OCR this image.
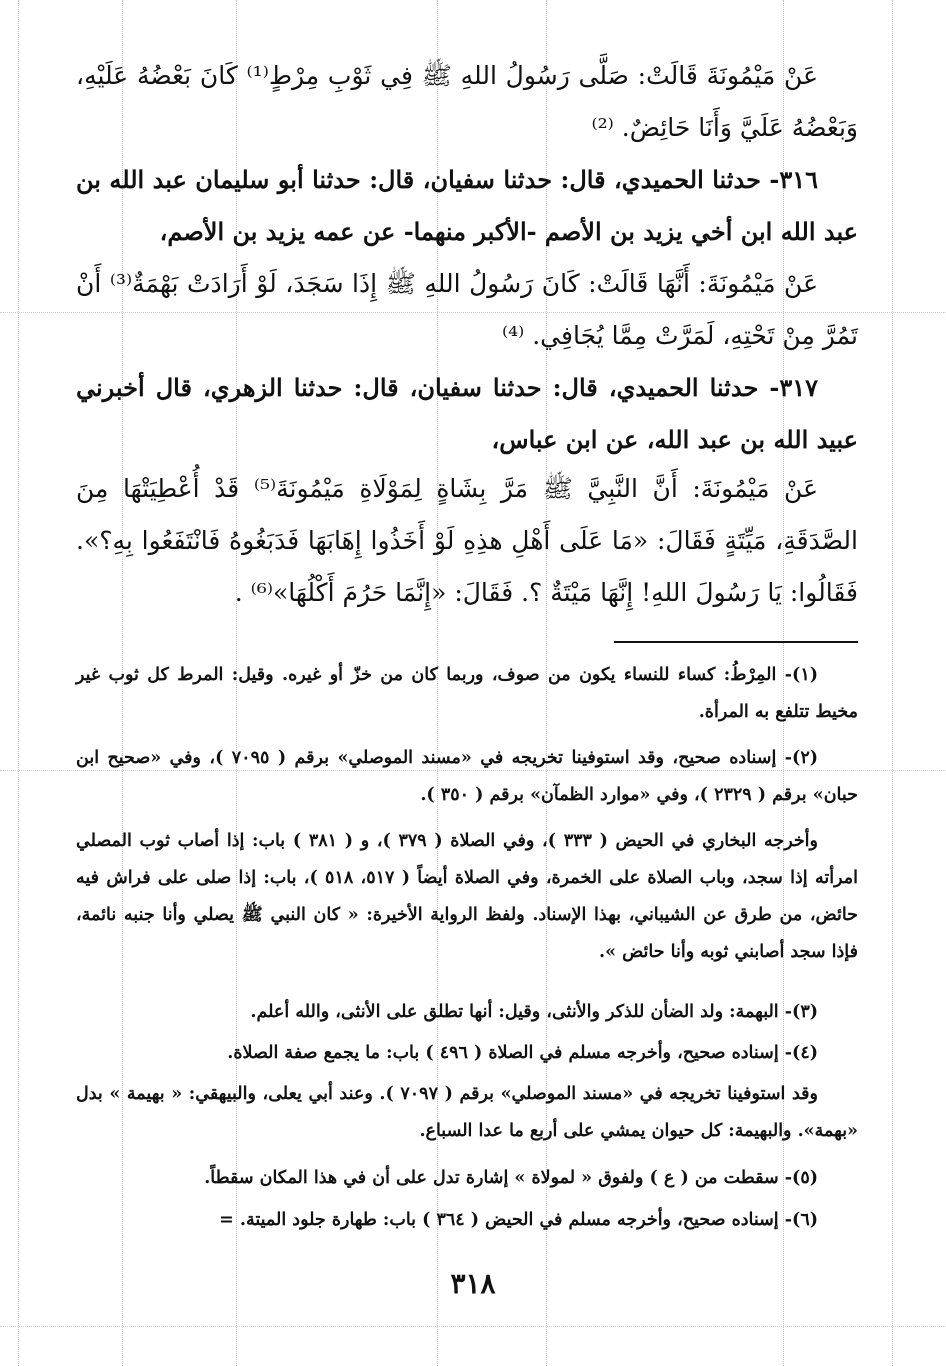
عَنْ مَيْمُونَةَ قَالَتْ: صَلَّى رَسُولُ اللهِ ﷺ فِي ثَوْبِ مِرْطٍ⁽¹⁾ كَانَ بَعْضُهُ عَلَيْهِ، وَبَعْضُهُ عَلَيَّ وَأَنَا حَائِضٌ. ⁽²⁾
٣١٦- حدثنا الحميدي، قال: حدثنا سفيان، قال: حدثنا أبو سليمان عبد الله بن عبد الله ابن أخي يزيد بن الأصم -الأكبر منهما- عن عمه يزيد بن الأصم،
عَنْ مَيْمُونَةَ: أَنَّهَا قَالَتْ: كَانَ رَسُولُ اللهِ ﷺ إِذَا سَجَدَ، لَوْ أَرَادَتْ بَهْمَةٌ⁽³⁾ أَنْ تَمُرَّ مِنْ تَحْتِهِ، لَمَرَّتْ مِمَّا يُجَافِي. ⁽⁴⁾
٣١٧- حدثنا الحميدي، قال: حدثنا سفيان، قال: حدثنا الزهري، قال أخبرني عبيد الله بن عبد الله، عن ابن عباس،
عَنْ مَيْمُونَةَ: أَنَّ النَّبِيَّ ﷺ مَرَّ بِشَاةٍ لِمَوْلَاةِ مَيْمُونَةَ⁽⁵⁾ قَدْ أُعْطِيَتْهَا مِنَ الصَّدَقَةِ، مَيِّتَةٍ فَقَالَ: «مَا عَلَى أَهْلِ هذِهِ لَوْ أَخَذُوا إِهَابَهَا فَدَبَغُوهُ فَانْتَفَعُوا بِهِ؟». فَقَالُوا: يَا رَسُولَ اللهِ! إِنَّهَا مَيْتَةٌ ؟. فَقَالَ: «إِنَّمَا حَرُمَ أَكْلُهَا»⁽⁶⁾ .
(١)- المِرْطُ: كساء للنساء يكون من صوف، وربما كان من خزّ أو غيره. وقيل: المرط كل ثوب غير مخيط تتلفع به المرأة.
(٢)- إسناده صحيح، وقد استوفينا تخريجه في «مسند الموصلي» برقم ( ٧٠٩٥ )، وفي «صحيح ابن حبان» برقم ( ٢٣٢٩ )، وفي «موارد الظمآن» برقم ( ٣٥٠ ).
وأخرجه البخاري في الحيض ( ٣٣٣ )، وفي الصلاة ( ٣٧٩ )، و ( ٣٨١ ) باب: إذا أصاب ثوب المصلي امرأته إذا سجد، وباب الصلاة على الخمرة، وفي الصلاة أيضاً ( ٥١٧، ٥١٨ )، باب: إذا صلى على فراش فيه حائض، من طرق عن الشيباني، بهذا الإسناد. ولفظ الرواية الأخيرة: « كان النبي ﷺ يصلي وأنا جنبه نائمة، فإذا سجد أصابني ثوبه وأنا حائض ».
(٣)- البهمة: ولد الضأن للذكر والأنثى، وقيل: أنها تطلق على الأنثى، والله أعلم.
(٤)- إسناده صحيح، وأخرجه مسلم في الصلاة ( ٤٩٦ ) باب: ما يجمع صفة الصلاة.
وقد استوفينا تخريجه في «مسند الموصلي» برقم ( ٧٠٩٧ ). وعند أبي يعلى، والبيهقي: « بهيمة » بدل «بهمة». والبهيمة: كل حيوان يمشي على أربع ما عدا السباع.
(٥)- سقطت من ( ع ) ولفوق « لمولاة » إشارة تدل على أن في هذا المكان سقطاً.
(٦)- إسناده صحيح، وأخرجه مسلم في الحيض ( ٣٦٤ ) باب: طهارة جلود الميتة. =
٣١٨
